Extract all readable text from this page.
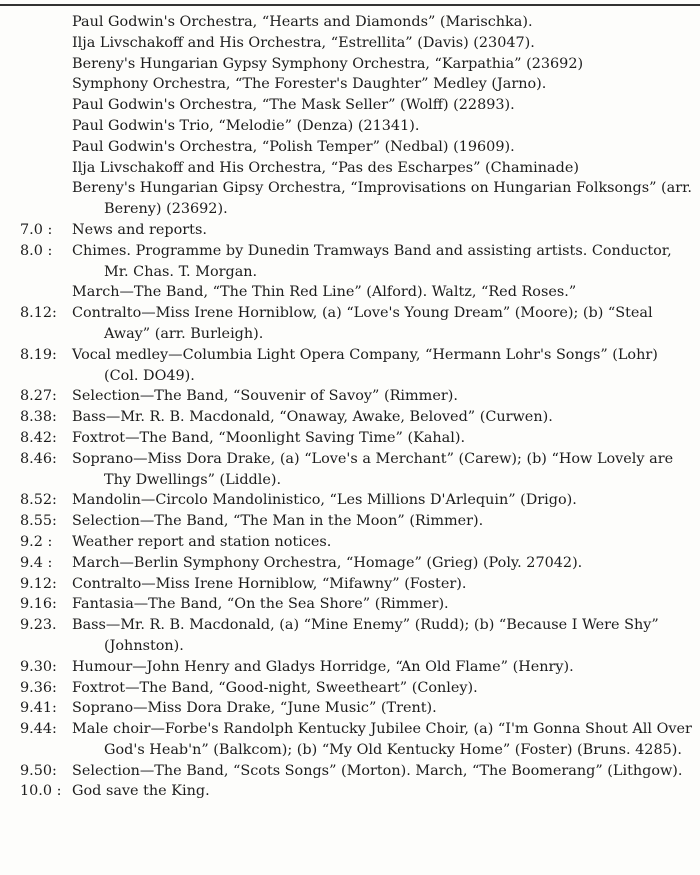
Paul Godwin's Orchestra, “Hearts and Diamonds” (Marischka).

Ilja Livschakoff and His Orchestra, “Estrellita” (Davis) (23047).

Bereny's Hungarian Gypsy Symphony Orchestra, “Karpathia” (23692)

Symphony Orchestra, “The Forester's Daughter” Medley (Jarno).

Paul Godwin's Orchestra, “The Mask Seller” (Wolff) (22893).

Paul Godwin's Trio, “Melodie” (Denza) (21341).

Paul Godwin's Orchestra, “Polish Temper” (Nedbal) (19609).

Ilja Livschakoff and His Orchestra, “Pas des Escharpes” (Chaminade)

Bereny's Hungarian Gipsy Orchestra, “Improvisations on Hungarian Folksongs” (arr. Bereny) (23692).

7.0 :	News and reports.
8.0 :	Chimes. Programme by Dunedin Tramways Band and assisting artists. Conductor, Mr. Chas. T. Morgan.
March—The Band, “The Thin Red Line” (Alford). Waltz, “Red Roses.”
8.12:	Contralto—Miss Irene Horniblow, (a) “Love's Young Dream” (Moore); (b) “Steal Away” (arr. Burleigh).
8.19:	Vocal medley—Columbia Light Opera Company, “Hermann Lohr's Songs” (Lohr) (Col. DO49).
8.27:	Selection—The Band, “Souvenir of Savoy” (Rimmer).
8.38:	Bass—Mr. R. B. Macdonald, “Onaway, Awake, Beloved” (Curwen).
8.42:	Foxtrot—The Band, “Moonlight Saving Time” (Kahal).
8.46:	Soprano—Miss Dora Drake, (a) “Love's a Merchant” (Carew); (b) “How Lovely are Thy Dwellings” (Liddle).
8.52:	Mandolin—Circolo Mandolinistico, “Les Millions D'Arlequin” (Drigo).
8.55:	Selection—The Band, “The Man in the Moon” (Rimmer).
9.2 :	Weather report and station notices.
9.4 :	March—Berlin Symphony Orchestra, “Homage” (Grieg) (Poly. 27042).
9.12:	Contralto—Miss Irene Horniblow, “Mifawny” (Foster).
9.16:	Fantasia—The Band, “On the Sea Shore” (Rimmer).
9.23.	Bass—Mr. R. B. Macdonald, (a) “Mine Enemy” (Rudd); (b) “Because I Were Shy” (Johnston).
9.30:	Humour—John Henry and Gladys Horridge, “An Old Flame” (Henry).
9.36:	Foxtrot—The Band, “Good-night, Sweetheart” (Conley).
9.41:	Soprano—Miss Dora Drake, “June Music” (Trent).
9.44:	Male choir—Forbe's Randolph Kentucky Jubilee Choir, (a) “I'm Gonna Shout All Over God's Heab'n” (Balkcom); (b) “My Old Kentucky Home” (Foster) (Bruns. 4285).
9.50:	Selection—The Band, “Scots Songs” (Morton). March, “The Boomerang” (Lithgow).
10.0 : God save the King.
